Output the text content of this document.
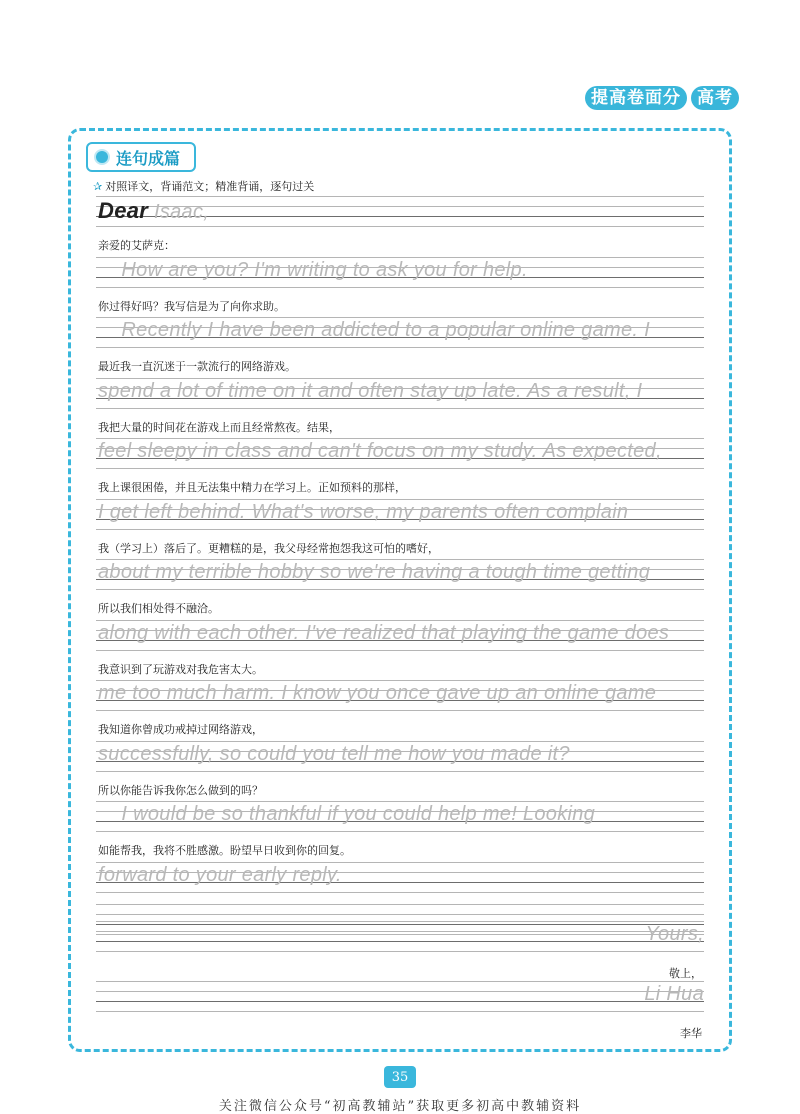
提高卷面分 高考
连句成篇
✰ 对照译文，背诵范文；精准背诵，逐句过关
Dear Isaac,
亲爱的艾萨克：
How are you? I'm writing to ask you for help.
你过得好吗？我写信是为了向你求助。
Recently I have been addicted to a popular online game. I
最近我一直沉迷于一款流行的网络游戏。
spend a lot of time on it and often stay up late. As a result, I
我把大量的时间花在游戏上而且经常熬夜。结果，
feel sleepy in class and can't focus on my study. As expected,
我上课很困倦，并且无法集中精力在学习上。正如预料的那样，
I get left behind. What's worse, my parents often complain
我（学习上）落后了。更糟糕的是，我父母经常抱怨我这可怕的嗜好，
about my terrible hobby so we're having a tough time getting
所以我们相处得不融洽。
along with each other. I've realized that playing the game does
我意识到了玩游戏对我危害太大。
me too much harm. I know you once gave up an online game
我知道你曾成功戒掉过网络游戏，
successfully, so could you tell me how you made it?
所以你能告诉我你怎么做到的吗？
I would be so thankful if you could help me! Looking
如能帮我，我将不胜感激。盼望早日收到你的回复。
forward to your early reply.
Yours,
敬上，
Li Hua
李华
35
关注微信公众号“初高教辅站”获取更多初高中教辅资料
